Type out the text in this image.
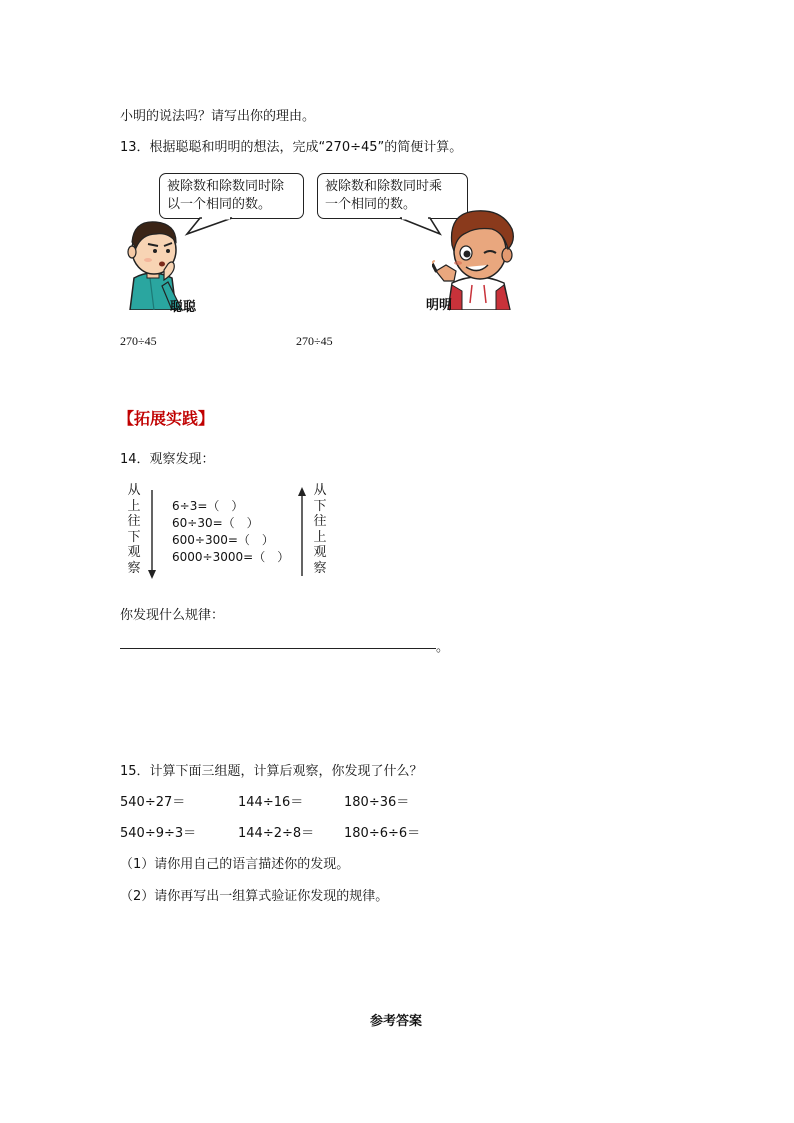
小明的说法吗？请写出你的理由。
13．根据聪聪和明明的想法，完成“270÷45”的简便计算。
被除数和除数同时除
以一个相同的数。
被除数和除数同时乘
一个相同的数。
聪聪	明明
270÷45	270÷45
【拓展实践】
14．观察发现：
从上往下观察
从下往上观察
6÷3=（　）
60÷30=（　）
600÷300=（　）
6000÷3000=（　）
你发现什么规律：
。
15．计算下面三组题，计算后观察，你发现了什么？
540÷27＝	144÷16＝	180÷36＝
540÷9÷3＝	144÷2÷8＝ 180÷6÷6＝
（1）请你用自己的语言描述你的发现。
（2）请你再写出一组算式验证你发现的规律。
参考答案
